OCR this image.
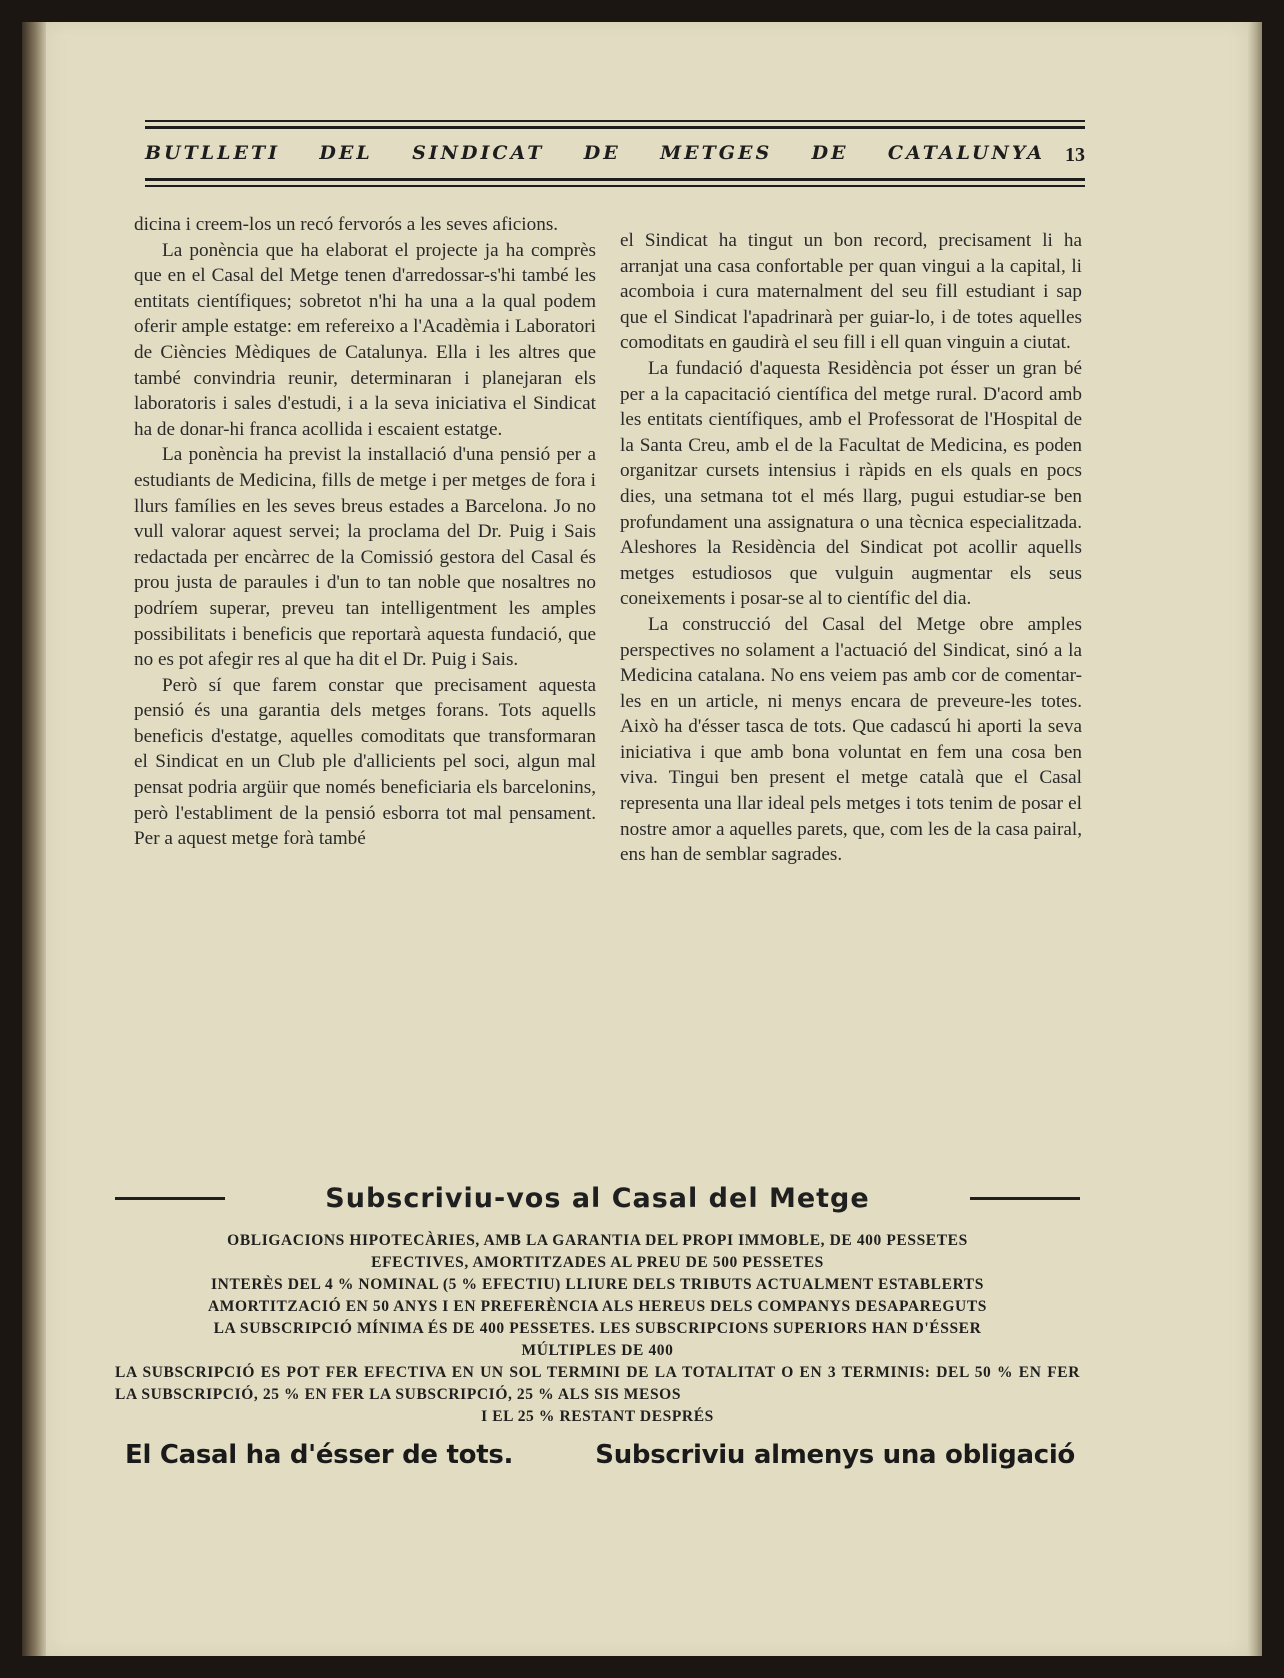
BUTLLETI DEL SINDICAT DE METGES DE CATALUNYA 13

dicina i creem-los un recó fervorós a les seves aficions.

La ponència que ha elaborat el projecte ja ha comprès que en el Casal del Metge tenen d'arredossar-s'hi també les entitats científiques; sobretot n'hi ha una a la qual podem oferir ample estatge: em refereixo a l'Acadèmia i Laboratori de Ciències Mèdiques de Catalunya. Ella i les altres que també convindria reunir, determinaran i planejaran els laboratoris i sales d'estudi, i a la seva iniciativa el Sindicat ha de donar-hi franca acollida i escaient estatge.

La ponència ha previst la installació d'una pensió per a estudiants de Medicina, fills de metge i per metges de fora i llurs famílies en les seves breus estades a Barcelona. Jo no vull valorar aquest servei; la proclama del Dr. Puig i Sais redactada per encàrrec de la Comissió gestora del Casal és prou justa de paraules i d'un to tan noble que nosaltres no podríem superar, preveu tan intelligentment les amples possibilitats i beneficis que reportarà aquesta fundació, que no es pot afegir res al que ha dit el Dr. Puig i Sais.

Però sí que farem constar que precisament aquesta pensió és una garantia dels metges forans. Tots aquells beneficis d'estatge, aquelles comoditats que transformaran el Sindicat en un Club ple d'allicients pel soci, algun mal pensat podria argüir que només beneficiaria els barcelonins, però l'establiment de la pensió esborra tot mal pensament. Per a aquest metge forà també

el Sindicat ha tingut un bon record, precisament li ha arranjat una casa confortable per quan vingui a la capital, li acomboia i cura maternalment del seu fill estudiant i sap que el Sindicat l'apadrinarà per guiar-lo, i de totes aquelles comoditats en gaudirà el seu fill i ell quan vinguin a ciutat.

La fundació d'aquesta Residència pot ésser un gran bé per a la capacitació científica del metge rural. D'acord amb les entitats científiques, amb el Professorat de l'Hospital de la Santa Creu, amb el de la Facultat de Medicina, es poden organitzar cursets intensius i ràpids en els quals en pocs dies, una setmana tot el més llarg, pugui estudiar-se ben profundament una assignatura o una tècnica especialitzada. Aleshores la Residència del Sindicat pot acollir aquells metges estudiosos que vulguin augmentar els seus coneixements i posar-se al to científic del dia.

La construcció del Casal del Metge obre amples perspectives no solament a l'actuació del Sindicat, sinó a la Medicina catalana. No ens veiem pas amb cor de comentar-les en un article, ni menys encara de preveure-les totes. Això ha d'ésser tasca de tots. Que cadascú hi aporti la seva iniciativa i que amb bona voluntat en fem una cosa ben viva. Tingui ben present el metge català que el Casal representa una llar ideal pels metges i tots tenim de posar el nostre amor a aquelles parets, que, com les de la casa pairal, ens han de semblar sagrades.

Subscriviu-vos al Casal del Metge
OBLIGACIONS HIPOTECÀRIES, AMB LA GARANTIA DEL PROPI IMMOBLE, DE 400 PESSETES
EFECTIVES, AMORTITZADES AL PREU DE 500 PESSETES
INTERÈS DEL 4 % NOMINAL (5 % EFECTIU) LLIURE DELS TRIBUTS ACTUALMENT ESTABLERTS
AMORTITZACIÓ EN 50 ANYS I EN PREFERÈNCIA ALS HEREUS DELS COMPANYS DESAPAREGUTS
LA SUBSCRIPCIÓ MÍNIMA ÉS DE 400 PESSETES. LES SUBSCRIPCIONS SUPERIORS HAN D'ÉSSER
MÚLTIPLES DE 400
LA SUBSCRIPCIÓ ES POT FER EFECTIVA EN UN SOL TERMINI DE LA TOTALITAT O EN 3 TERMINIS: DEL 50 % EN FER LA SUBSCRIPCIÓ, 25 % EN FER LA SUBSCRIPCIÓ, 25 % ALS SIS MESOS
I EL 25 % RESTANT DESPRÉS
El Casal ha d'ésser de tots.	Subscriviu almenys una obligació
